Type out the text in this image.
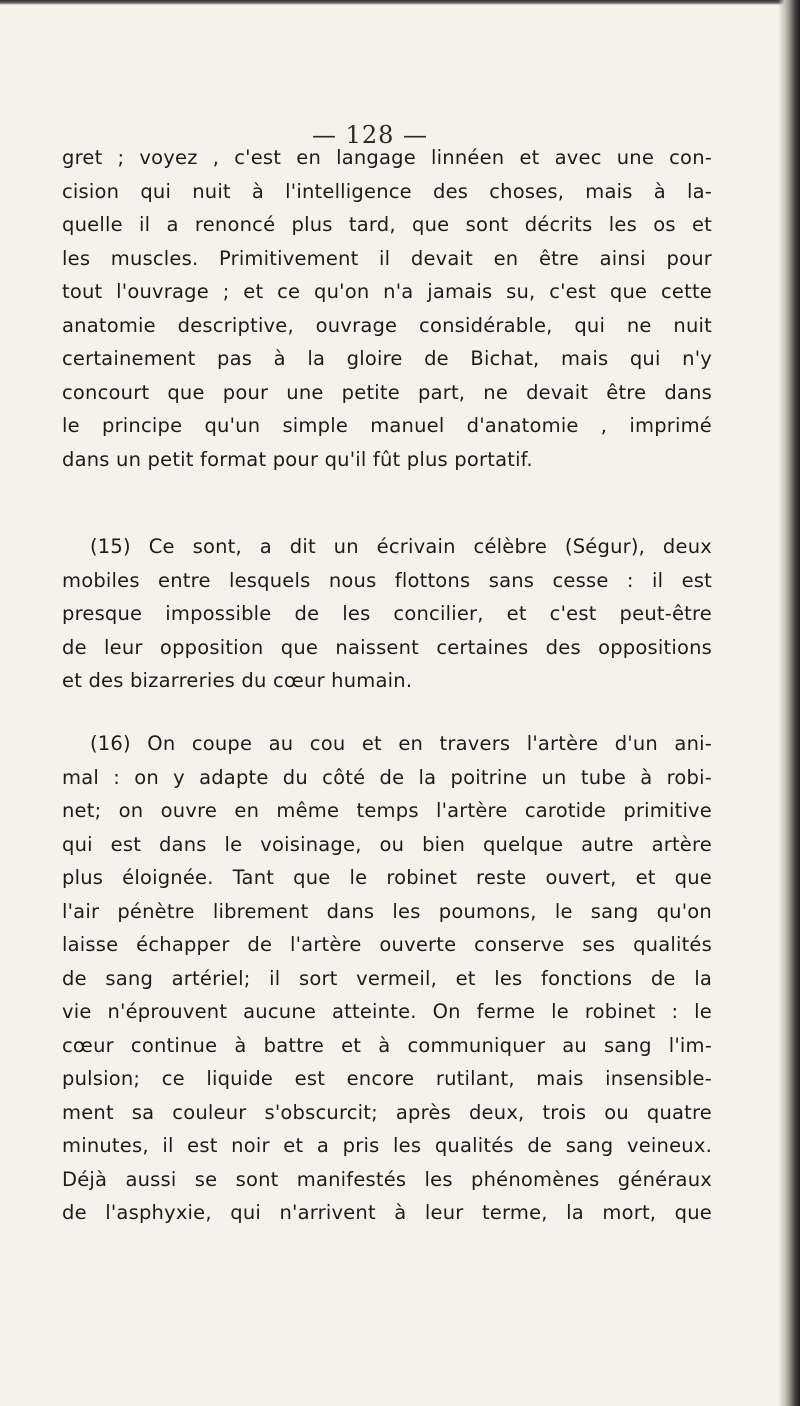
— 128 —
gret ; voyez , c'est en langage linnéen et avec une con-
cision qui nuit à l'intelligence des choses, mais à la-
quelle il a renoncé plus tard, que sont décrits les os et
les muscles. Primitivement il devait en être ainsi pour
tout l'ouvrage ; et ce qu'on n'a jamais su, c'est que cette
anatomie descriptive, ouvrage considérable, qui ne nuit
certainement pas à la gloire de Bichat, mais qui n'y
concourt que pour une petite part, ne devait être dans
le principe qu'un simple manuel d'anatomie , imprimé
dans un petit format pour qu'il fût plus portatif.
(15) Ce sont, a dit un écrivain célèbre (Ségur), deux
mobiles entre lesquels nous flottons sans cesse : il est
presque impossible de les concilier, et c'est peut-être
de leur opposition que naissent certaines des oppositions
et des bizarreries du cœur humain.
(16) On coupe au cou et en travers l'artère d'un ani-
mal : on y adapte du côté de la poitrine un tube à robi-
net; on ouvre en même temps l'artère carotide primitive
qui est dans le voisinage, ou bien quelque autre artère
plus éloignée. Tant que le robinet reste ouvert, et que
l'air pénètre librement dans les poumons, le sang qu'on
laisse échapper de l'artère ouverte conserve ses qualités
de sang artériel; il sort vermeil, et les fonctions de la
vie n'éprouvent aucune atteinte. On ferme le robinet : le
cœur continue à battre et à communiquer au sang l'im-
pulsion; ce liquide est encore rutilant, mais insensible-
ment sa couleur s'obscurcit; après deux, trois ou quatre
minutes, il est noir et a pris les qualités de sang veineux.
Déjà aussi se sont manifestés les phénomènes généraux
de l'asphyxie, qui n'arrivent à leur terme, la mort, que
